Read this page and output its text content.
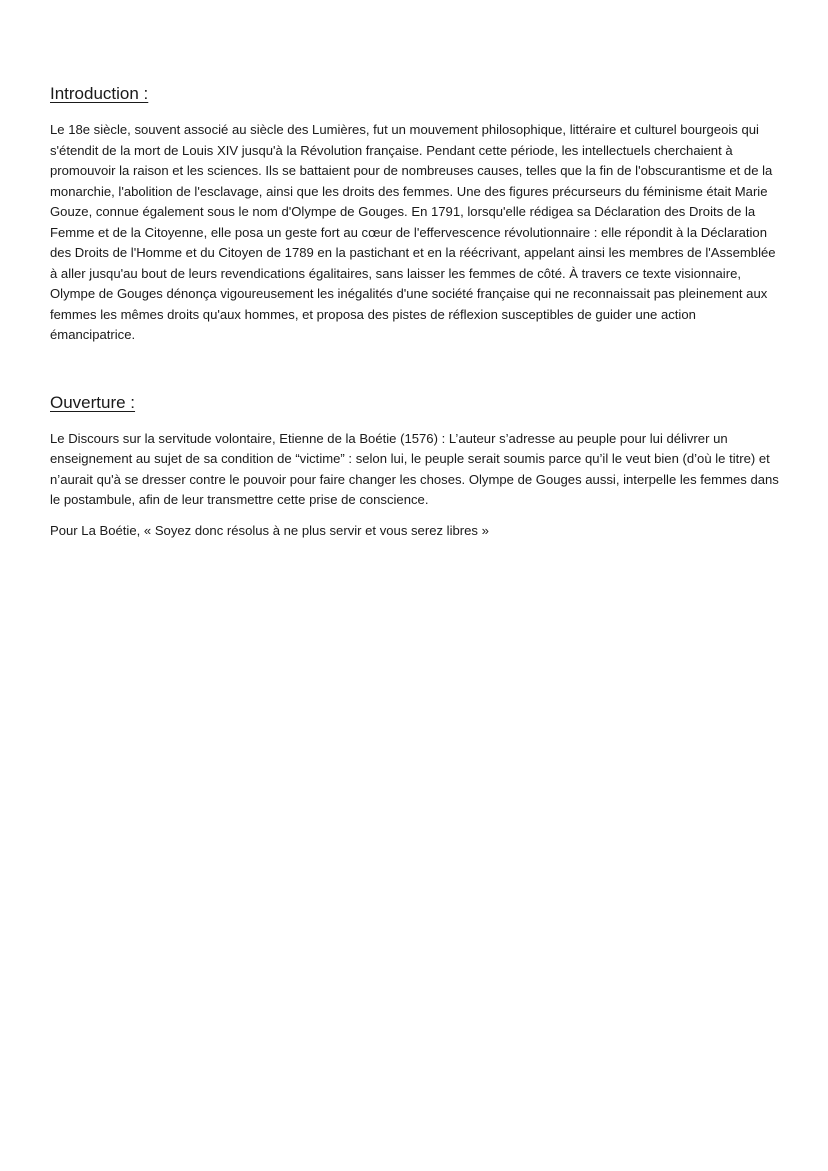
Introduction :

Le 18e siècle, souvent associé au siècle des Lumières, fut un mouvement philosophique, littéraire et culturel bourgeois qui s'étendit de la mort de Louis XIV jusqu'à la Révolution française. Pendant cette période, les intellectuels cherchaient à promouvoir la raison et les sciences. Ils se battaient pour de nombreuses causes, telles que la fin de l'obscurantisme et de la monarchie, l'abolition de l'esclavage, ainsi que les droits des femmes. Une des figures précurseurs du féminisme était Marie Gouze, connue également sous le nom d'Olympe de Gouges. En 1791, lorsqu'elle rédigea sa Déclaration des Droits de la Femme et de la Citoyenne, elle posa un geste fort au cœur de l'effervescence révolutionnaire : elle répondit à la Déclaration des Droits de l'Homme et du Citoyen de 1789 en la pastichant et en la réécrivant, appelant ainsi les membres de l'Assemblée à aller jusqu'au bout de leurs revendications égalitaires, sans laisser les femmes de côté. À travers ce texte visionnaire, Olympe de Gouges dénonça vigoureusement les inégalités d'une société française qui ne reconnaissait pas pleinement aux femmes les mêmes droits qu'aux hommes, et proposa des pistes de réflexion susceptibles de guider une action émancipatrice.

Ouverture :

Le Discours sur la servitude volontaire, Etienne de la Boétie (1576) : L’auteur s’adresse au peuple pour lui délivrer un enseignement au sujet de sa condition de “victime” : selon lui, le peuple serait soumis parce qu’il le veut bien (d’où le titre) et n’aurait qu'à se dresser contre le pouvoir pour faire changer les choses. Olympe de Gouges aussi, interpelle les femmes dans le postambule, afin de leur transmettre cette prise de conscience.

Pour La Boétie, « Soyez donc résolus à ne plus servir et vous serez libres »
